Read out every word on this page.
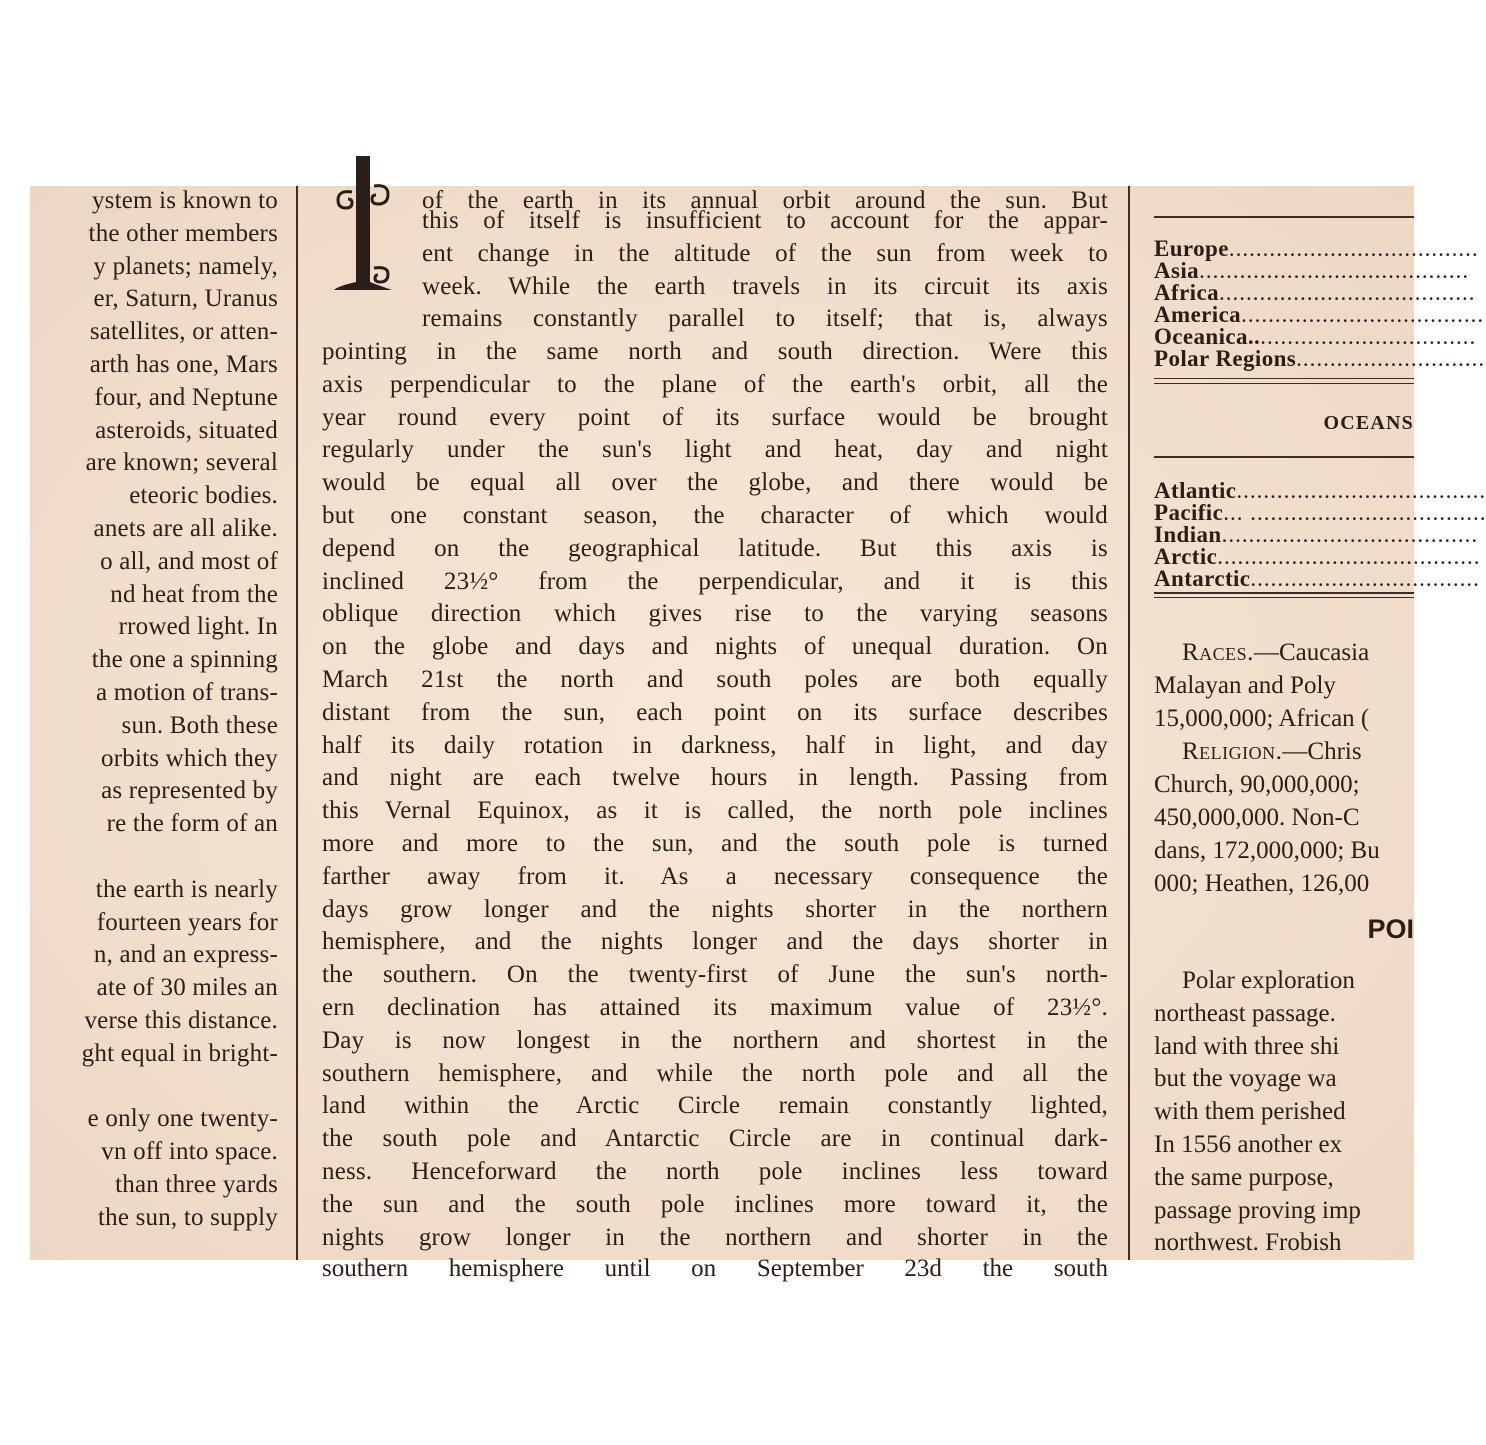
ystem is known to
the other members
y planets; namely,
er, Saturn, Uranus
satellites, or atten-
arth has one, Mars
four, and Neptune
asteroids, situated
are known; several
eteoric bodies.
anets are all alike.
o all, and most of
nd heat from the
rrowed light. In
the one a spinning
a motion of trans-
sun. Both these
orbits which they
as represented by
re the form of an
the earth is nearly
fourteen years for
n, and an express-
ate of 30 miles an
verse this distance.
ght equal in bright-
e only one twenty-
vn off into space.
than three yards
the sun, to supply
of the earth in its annual orbit around the sun. But
this of itself is insufficient to account for the appar-
ent change in the altitude of the sun from week to
week. While the earth travels in its circuit its axis
remains constantly parallel to itself; that is, always
pointing in the same north and south direction. Were this
axis perpendicular to the plane of the earth's orbit, all the
year round every point of its surface would be brought
regularly under the sun's light and heat, day and night
would be equal all over the globe, and there would be
but one constant season, the character of which would
depend on the geographical latitude. But this axis is
inclined 23½° from the perpendicular, and it is this
oblique direction which gives rise to the varying seasons
on the globe and days and nights of unequal duration. On
March 21st the north and south poles are both equally
distant from the sun, each point on its surface describes
half its daily rotation in darkness, half in light, and day
and night are each twelve hours in length. Passing from
this Vernal Equinox, as it is called, the north pole inclines
more and more to the sun, and the south pole is turned
farther away from it. As a necessary consequence the
days grow longer and the nights shorter in the northern
hemisphere, and the nights longer and the days shorter in
the southern. On the twenty-first of June the sun's north-
ern declination has attained its maximum value of 23½°.
Day is now longest in the northern and shortest in the
southern hemisphere, and while the north pole and all the
land within the Arctic Circle remain constantly lighted,
the south pole and Antarctic Circle are in continual dark-
ness. Henceforward the north pole inclines less toward
the sun and the south pole inclines more toward it, the
nights grow longer in the northern and shorter in the
southern hemisphere until on September 23d the south
Europe.....................................
Asia........................................
Africa......................................
America....................................
Oceanica..................................
Polar Regions............................
OCEANS
Atlantic.....................................
Pacific... ...................................
Indian......................................
Arctic.......................................
Antarctic..................................
Races.—Caucasia
Malayan and Poly
15,000,000; African (
Religion.—Chris
Church, 90,000,000;
450,000,000. Non-C
dans, 172,000,000; Bu
000; Heathen, 126,00
POI
Polar exploration
northeast passage.
land with three shi
but the voyage wa
with them perished
In 1556 another ex
the same purpose,
passage proving imp
northwest. Frobish
